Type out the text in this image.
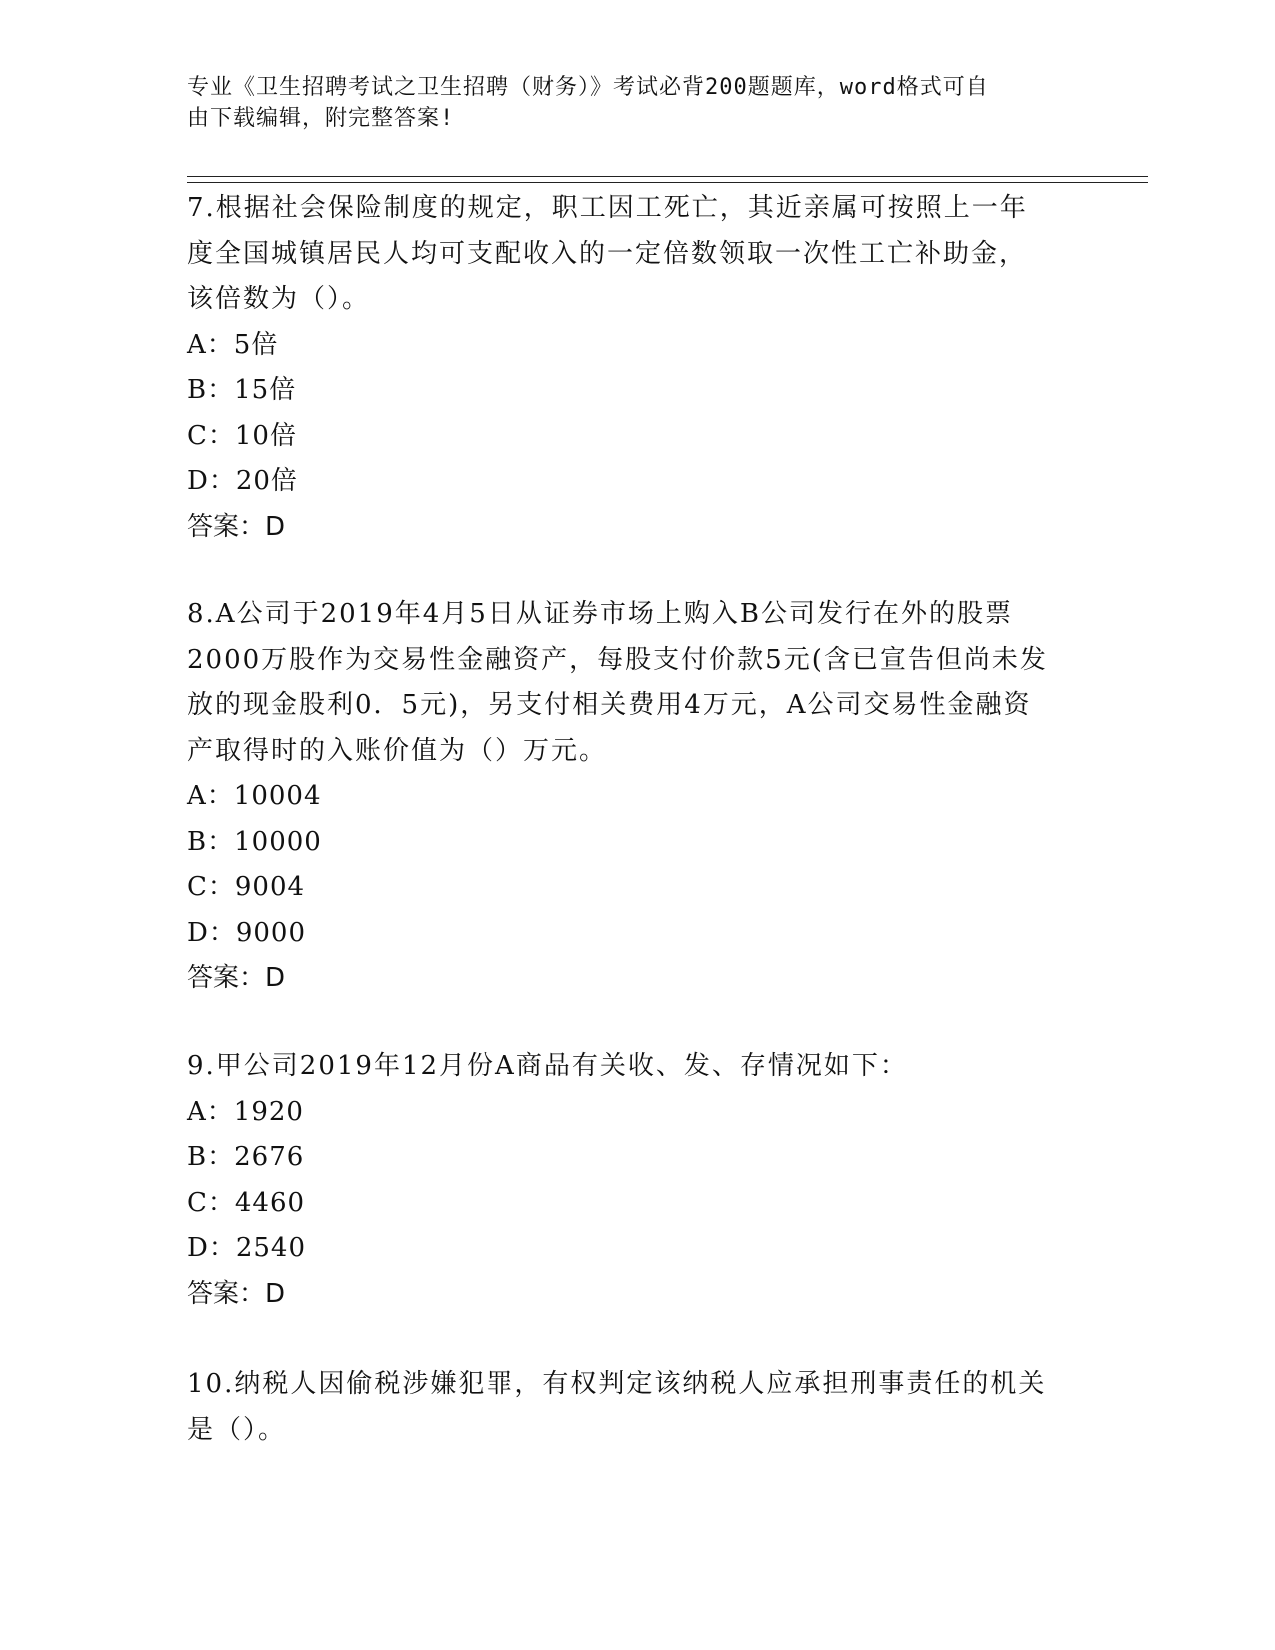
专业《卫生招聘考试之卫生招聘（财务）》考试必背200题题库，word格式可自
由下载编辑，附完整答案!
7.根据社会保险制度的规定，职工因工死亡，其近亲属可按照上一年
度全国城镇居民人均可支配收入的一定倍数领取一次性工亡补助金，
该倍数为（）。
A：5倍
B：15倍
C：10倍
D：20倍
答案：D
8.A公司于2019年4月5日从证券市场上购入B公司发行在外的股票
2000万股作为交易性金融资产，每股支付价款5元(含已宣告但尚未发
放的现金股利0．5元)，另支付相关费用4万元，A公司交易性金融资
产取得时的入账价值为（）万元。
A：10004
B：10000
C：9004
D：9000
答案：D
9.甲公司2019年12月份A商品有关收、发、存情况如下：
A：1920
B：2676
C：4460
D：2540
答案：D
10.纳税人因偷税涉嫌犯罪，有权判定该纳税人应承担刑事责任的机关
是（）。
